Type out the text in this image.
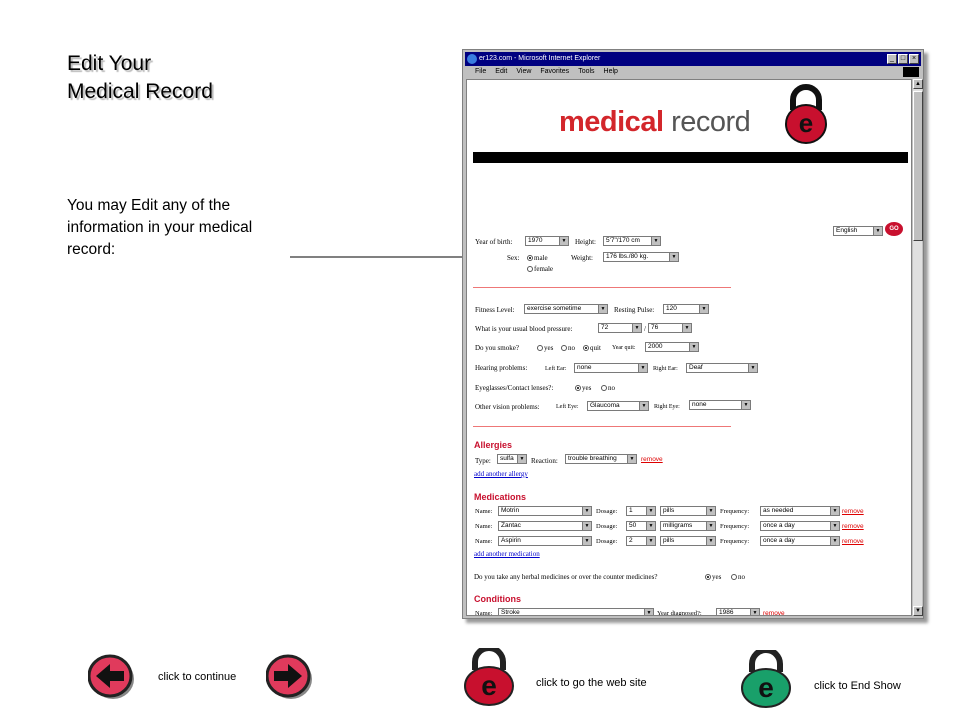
Edit Your
Medical Record
You may Edit any of the information in your medical record:
er123.com - Microsoft Internet Explorer	_ □ ×
File Edit View Favorites Tools Help
medical record e
English ▼	GO
Year of birth:	1970 ▼	Height:	5'7"/170 cm ▼
Sex:	male
female
Weight:	176 lbs./80 kg. ▼
Fitness Level:	exercise sometime ▼	Resting Pulse:	120 ▼
What is your usual blood pressure:	72 ▼	/ 76 ▼
Do you smoke?	yes	no	quit Year quit:	2000 ▼
Hearing problems:	Left Ear:	none ▼	Right Ear:	Deaf ▼
Eyeglasses/Contact lenses?:	yes	no
Other vision problems:	Left Eye:	Glaucoma ▼	Right Eye:	none ▼
Allergies
Type:	sulfa ▼	Reaction:	trouble breathing ▼	remove
add another allergy
Medications
Name:	Motrin ▼	Dosage:	1 ▼	pills ▼	Frequency:	as needed ▼	remove
Name:	Zantac ▼	Dosage:	50 ▼	milligrams ▼	Frequency:	once a day ▼	remove
Name:	Aspirin ▼	Dosage:	2 ▼	pills ▼	Frequency:	once a day ▼	remove
add another medication
Do you take any herbal medicines or over the counter medicines?	yes	no
Conditions
Name:	Stroke ▼	Year diagnosed?:	1986 ▼	remove
▲
▼
click to continue	e	click to go the web site	e	click to End Show
